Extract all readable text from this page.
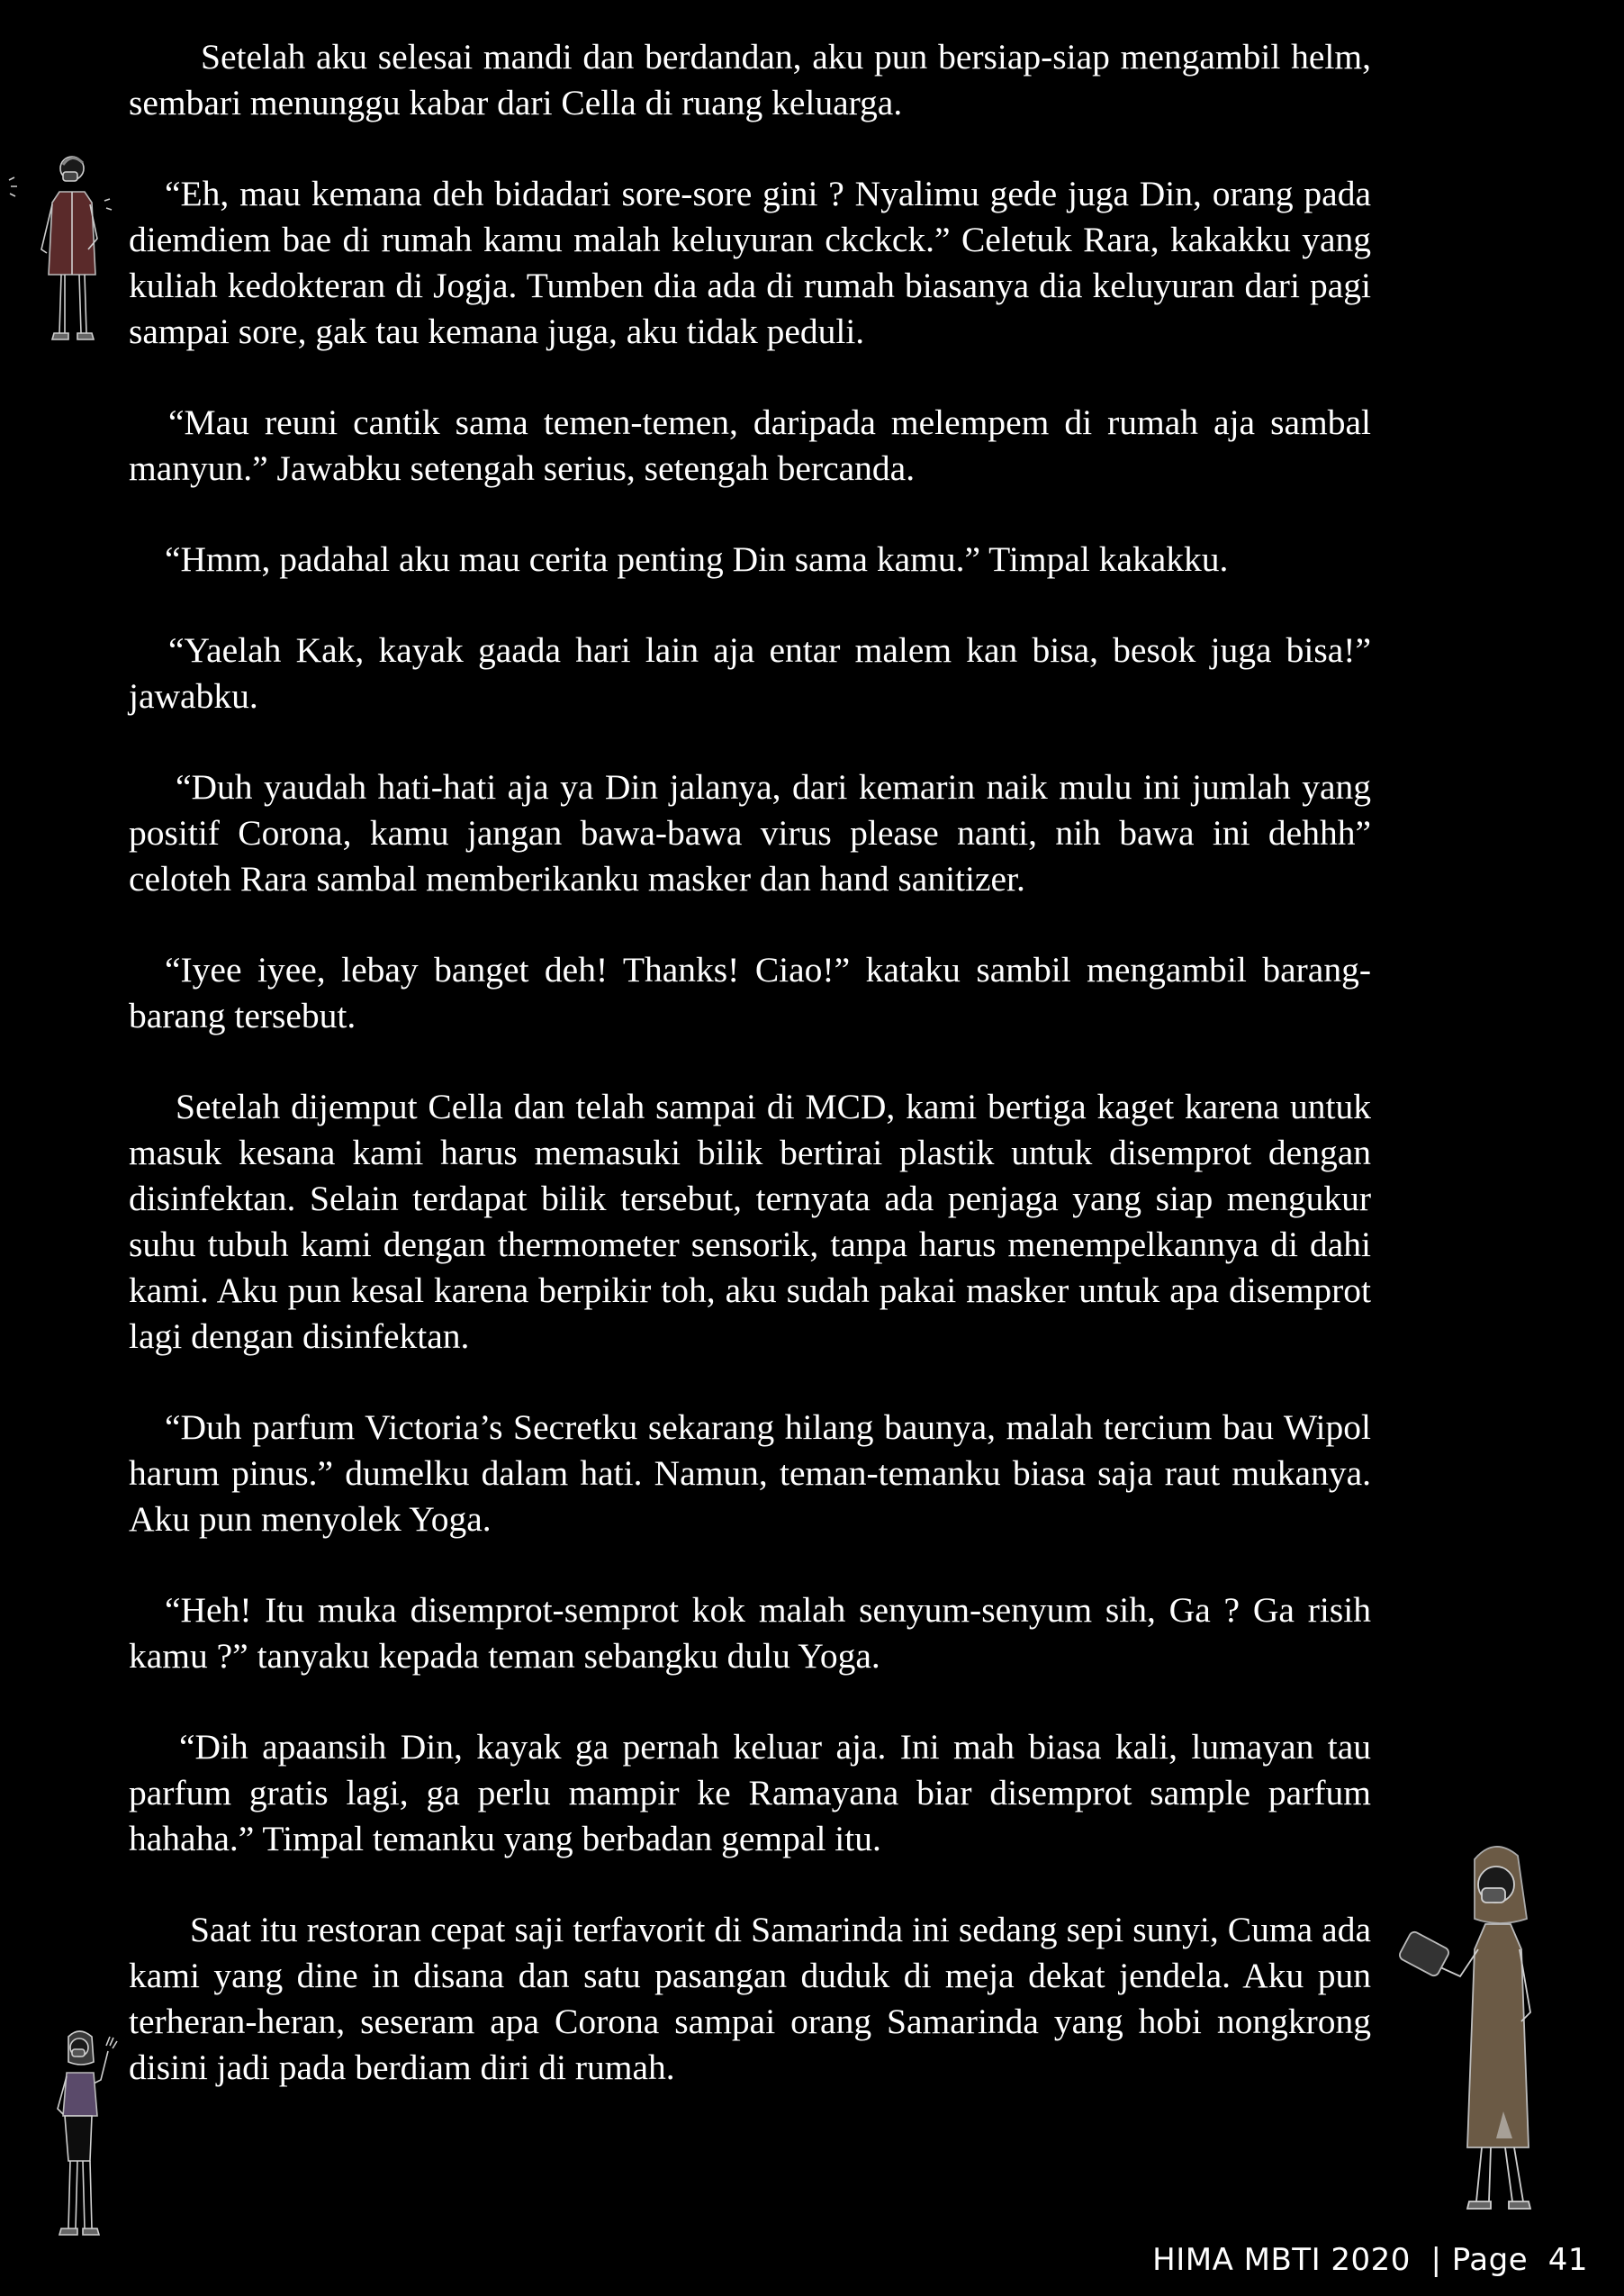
Setelah aku selesai mandi dan berdandan, aku pun bersiap-siap mengambil helm, sembari menunggu kabar dari Cella di ruang keluarga.

“Eh, mau kemana deh bidadari sore-sore gini ? Nyalimu gede juga Din, orang pada diemdiem bae di rumah kamu malah keluyuran ckckck.” Celetuk Rara, kakakku yang kuliah kedokteran di Jogja. Tumben dia ada di rumah biasanya dia keluyuran dari pagi sampai sore, gak tau kemana juga, aku tidak peduli.

“Mau reuni cantik sama temen-temen, daripada melempem di rumah aja sambal manyun.” Jawabku setengah serius, setengah bercanda.

“Hmm, padahal aku mau cerita penting Din sama kamu.” Timpal kakakku.

“Yaelah Kak, kayak gaada hari lain aja entar malem kan bisa, besok juga bisa!” jawabku.

“Duh yaudah hati-hati aja ya Din jalanya, dari kemarin naik mulu ini jumlah yang positif Corona, kamu jangan bawa-bawa virus please nanti, nih bawa ini dehhh” celoteh Rara sambal memberikanku masker dan hand sanitizer.

“Iyee iyee, lebay banget deh! Thanks! Ciao!” kataku sambil mengambil barang-barang tersebut.

Setelah dijemput Cella dan telah sampai di MCD, kami bertiga kaget karena untuk masuk kesana kami harus memasuki bilik bertirai plastik untuk disemprot dengan disinfektan. Selain terdapat bilik tersebut, ternyata ada penjaga yang siap mengukur suhu tubuh kami dengan thermometer sensorik, tanpa harus menempelkannya di dahi kami. Aku pun kesal karena berpikir toh, aku sudah pakai masker untuk apa disemprot lagi dengan disinfektan.

“Duh parfum Victoria’s Secretku sekarang hilang baunya, malah tercium bau Wipol harum pinus.” dumelku dalam hati. Namun, teman-temanku biasa saja raut mukanya. Aku pun menyolek Yoga.

“Heh! Itu muka disemprot-semprot kok malah senyum-senyum sih, Ga ? Ga risih kamu ?” tanyaku kepada teman sebangku dulu Yoga.

“Dih apaansih Din, kayak ga pernah keluar aja. Ini mah biasa kali, lumayan tau parfum gratis lagi, ga perlu mampir ke Ramayana biar disemprot sample parfum hahaha.” Timpal temanku yang berbadan gempal itu.

Saat itu restoran cepat saji terfavorit di Samarinda ini sedang sepi sunyi, Cuma ada kami yang dine in disana dan satu pasangan duduk di meja dekat jendela. Aku pun terheran-heran, seseram apa Corona sampai orang Samarinda yang hobi nongkrong disini jadi pada berdiam diri di rumah.

HIMA MBTI 2020  | Page  41
